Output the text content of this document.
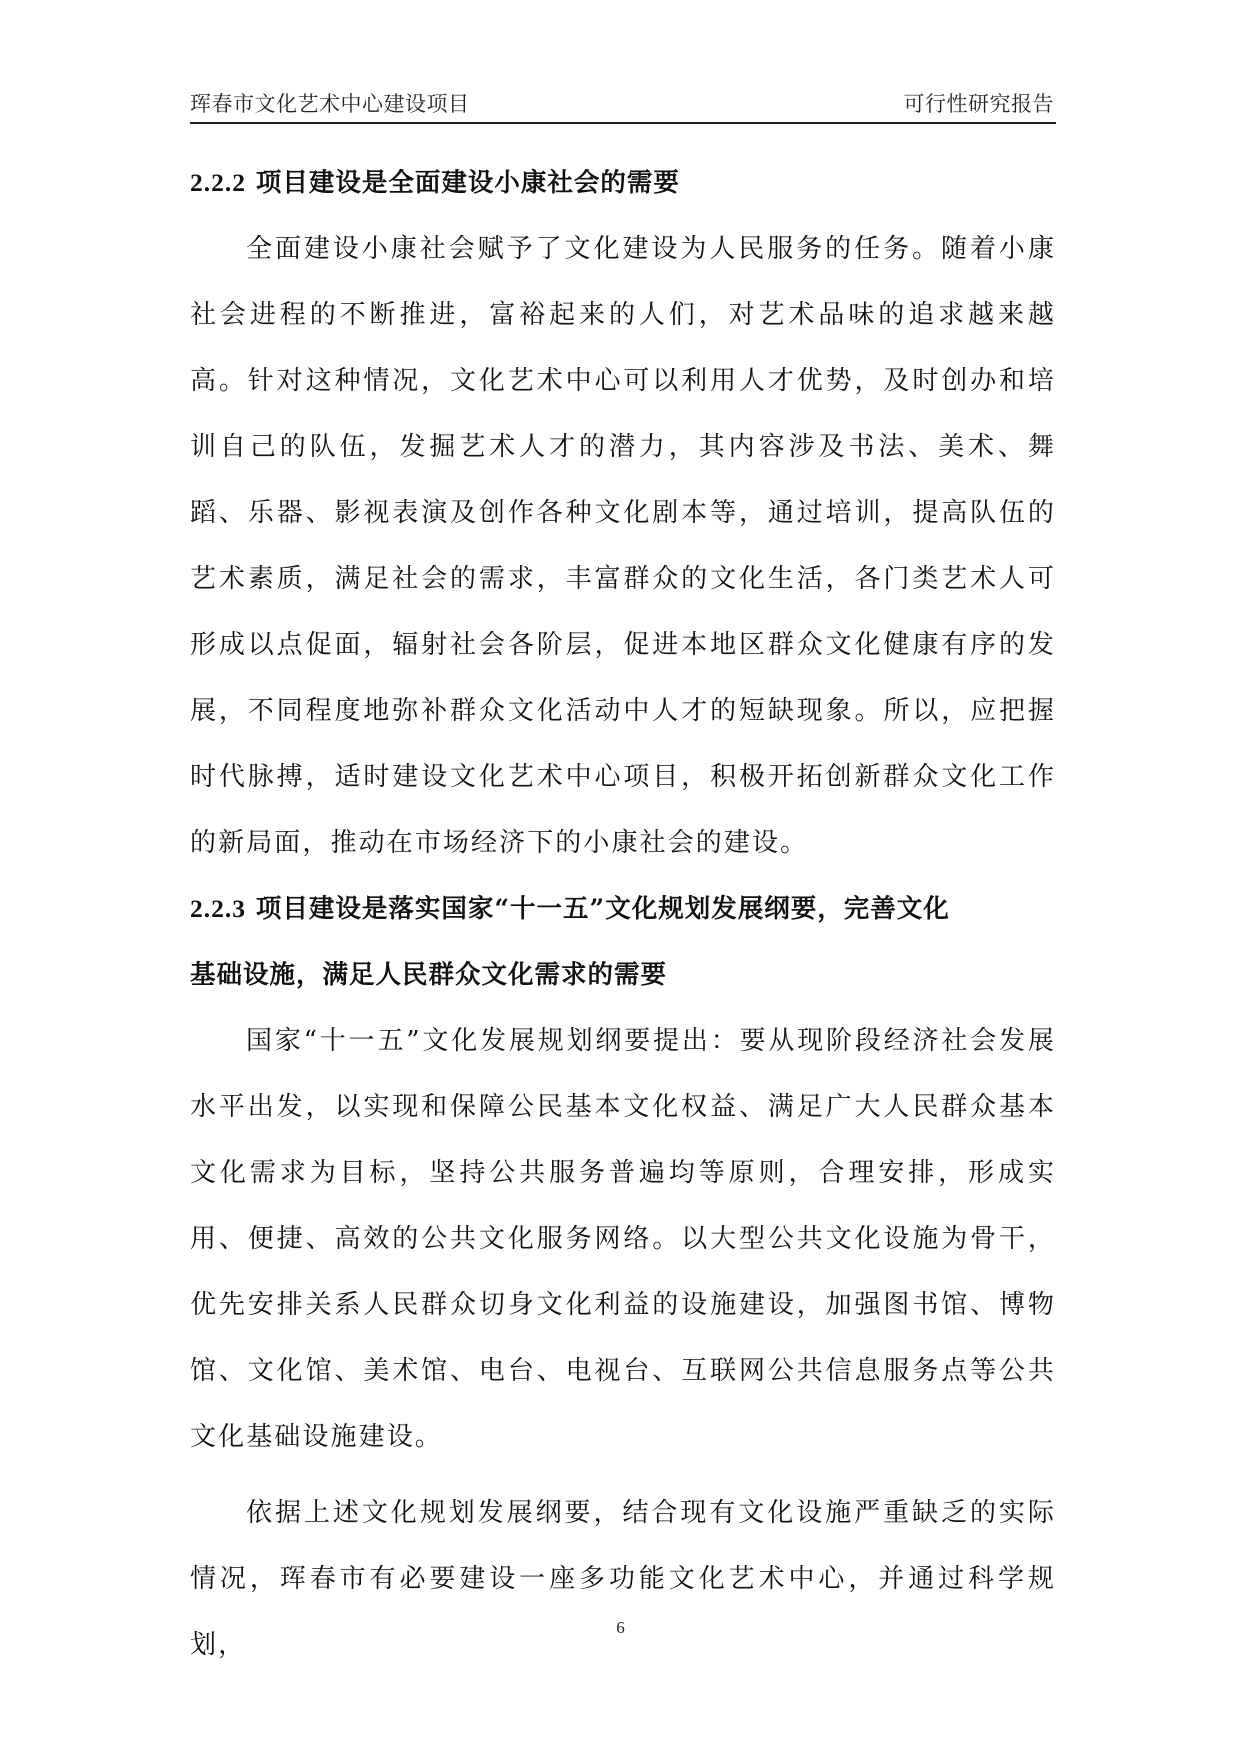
珲春市文化艺术中心建设项目	可行性研究报告
2.2.2 项目建设是全面建设小康社会的需要

全面建设小康社会赋予了文化建设为人民服务的任务。随着小康社会进程的不断推进，富裕起来的人们，对艺术品味的追求越来越高。针对这种情况，文化艺术中心可以利用人才优势，及时创办和培训自己的队伍，发掘艺术人才的潜力，其内容涉及书法、美术、舞蹈、乐器、影视表演及创作各种文化剧本等，通过培训，提高队伍的艺术素质，满足社会的需求，丰富群众的文化生活，各门类艺术人可形成以点促面，辐射社会各阶层，促进本地区群众文化健康有序的发展，不同程度地弥补群众文化活动中人才的短缺现象。所以，应把握时代脉搏，适时建设文化艺术中心项目，积极开拓创新群众文化工作的新局面，推动在市场经济下的小康社会的建设。

2.2.3 项目建设是落实国家“十一五”文化规划发展纲要，完善文化
基础设施，满足人民群众文化需求的需要

国家“十一五”文化发展规划纲要提出：要从现阶段经济社会发展水平出发，以实现和保障公民基本文化权益、满足广大人民群众基本文化需求为目标，坚持公共服务普遍均等原则，合理安排，形成实用、便捷、高效的公共文化服务网络。以大型公共文化设施为骨干，优先安排关系人民群众切身文化利益的设施建设，加强图书馆、博物馆、文化馆、美术馆、电台、电视台、互联网公共信息服务点等公共文化基础设施建设。

依据上述文化规划发展纲要，结合现有文化设施严重缺乏的实际情况，珲春市有必要建设一座多功能文化艺术中心，并通过科学规划，

6
